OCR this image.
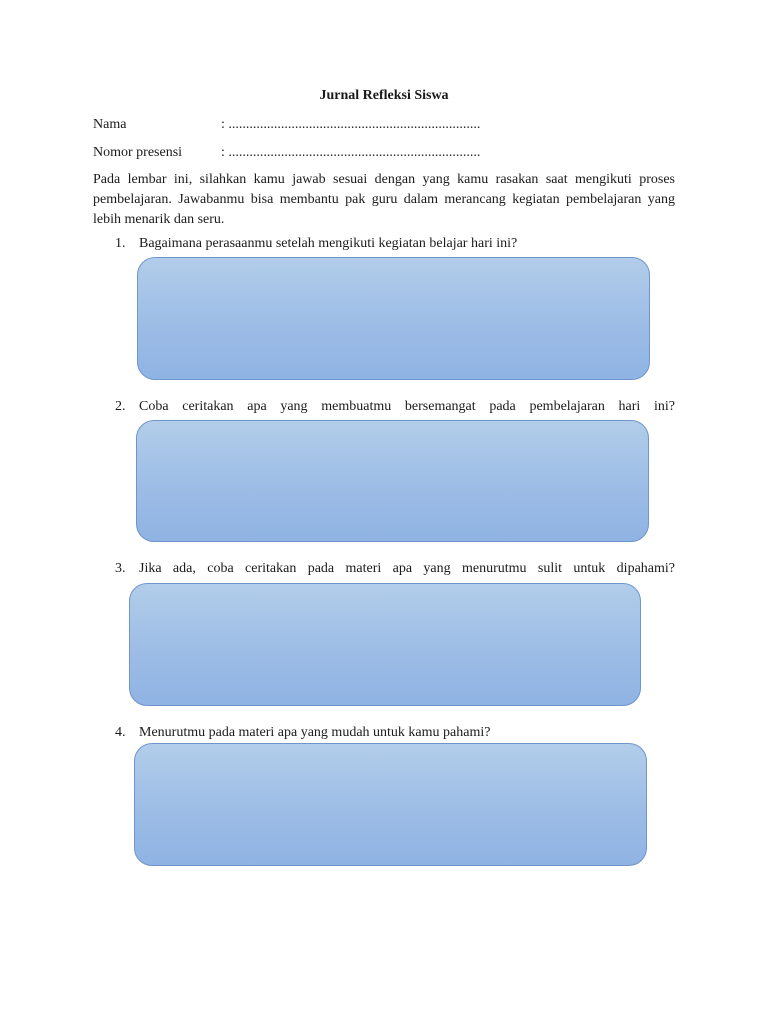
Jurnal Refleksi Siswa
Nama	: ........................................................................
Nomor presensi	: ........................................................................
Pada lembar ini, silahkan kamu jawab sesuai dengan yang kamu rasakan saat mengikuti proses pembelajaran. Jawabanmu bisa membantu pak guru dalam merancang kegiatan pembelajaran yang lebih menarik dan seru.
1. Bagaimana perasaanmu setelah mengikuti kegiatan belajar hari ini?
2. Coba ceritakan apa yang membuatmu bersemangat pada pembelajaran hari ini?
3. Jika ada, coba ceritakan pada materi apa yang menurutmu sulit untuk dipahami?
4. Menurutmu pada materi apa yang mudah untuk kamu pahami?
